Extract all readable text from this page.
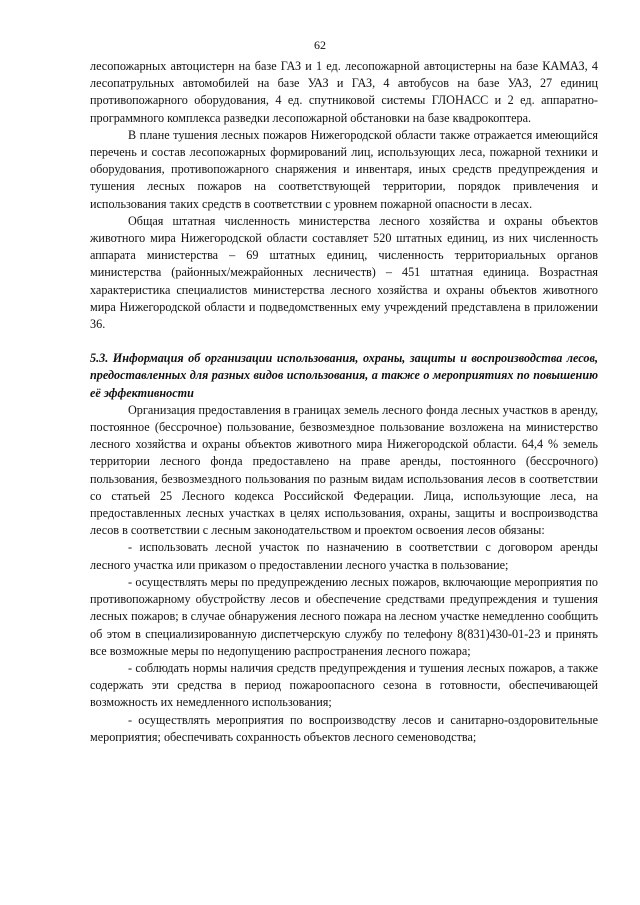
62

лесопожарных автоцистерн на базе ГАЗ и 1 ед. лесопожарной автоцистерны на базе КАМАЗ, 4 лесопатрульных автомобилей на базе УАЗ и ГАЗ, 4 автобусов на базе УАЗ, 27 единиц противопожарного оборудования, 4 ед. спутниковой системы ГЛОНАСС и 2 ед. аппаратно-программного комплекса разведки лесопожарной обстановки на базе квадрокоптера.

В плане тушения лесных пожаров Нижегородской области также отражается имеющийся перечень и состав лесопожарных формирований лиц, использующих леса, пожарной техники и оборудования, противопожарного снаряжения и инвентаря, иных средств предупреждения и тушения лесных пожаров на соответствующей территории, порядок привлечения и использования таких средств в соответствии с уровнем пожарной опасности в лесах.

Общая штатная численность министерства лесного хозяйства и охраны объектов животного мира Нижегородской области составляет 520 штатных единиц, из них численность аппарата министерства – 69 штатных единиц, численность территориальных органов министерства (районных/межрайонных лесничеств) – 451 штатная единица. Возрастная характеристика специалистов министерства лесного хозяйства и охраны объектов животного мира Нижегородской области и подведомственных ему учреждений представлена в приложении 36.

5.3. Информация об организации использования, охраны, защиты и воспроизводства лесов, предоставленных для разных видов использования, а также о мероприятиях по повышению её эффективности

Организация предоставления в границах земель лесного фонда лесных участков в аренду, постоянное (бессрочное) пользование, безвозмездное пользование возложена на министерство лесного хозяйства и охраны объектов животного мира Нижегородской области. 64,4 % земель территории лесного фонда предоставлено на праве аренды, постоянного (бессрочного) пользования, безвозмездного пользования по разным видам использования лесов в соответствии со статьей 25 Лесного кодекса Российской Федерации. Лица, использующие леса, на предоставленных лесных участках в целях использования, охраны, защиты и воспроизводства лесов в соответствии с лесным законодательством и проектом освоения лесов обязаны:

- использовать лесной участок по назначению в соответствии с договором аренды лесного участка или приказом о предоставлении лесного участка в пользование;

- осуществлять меры по предупреждению лесных пожаров, включающие мероприятия по противопожарному обустройству лесов и обеспечение средствами предупреждения и тушения лесных пожаров; в случае обнаружения лесного пожара на лесном участке немедленно сообщить об этом в специализированную диспетчерскую службу по телефону 8(831)430-01-23 и принять все возможные меры по недопущению распространения лесного пожара;

- соблюдать нормы наличия средств предупреждения и тушения лесных пожаров, а также содержать эти средства в период пожароопасного сезона в готовности, обеспечивающей возможность их немедленного использования;

- осуществлять мероприятия по воспроизводству лесов и санитарно-оздоровительные мероприятия; обеспечивать сохранность объектов лесного семеноводства;
